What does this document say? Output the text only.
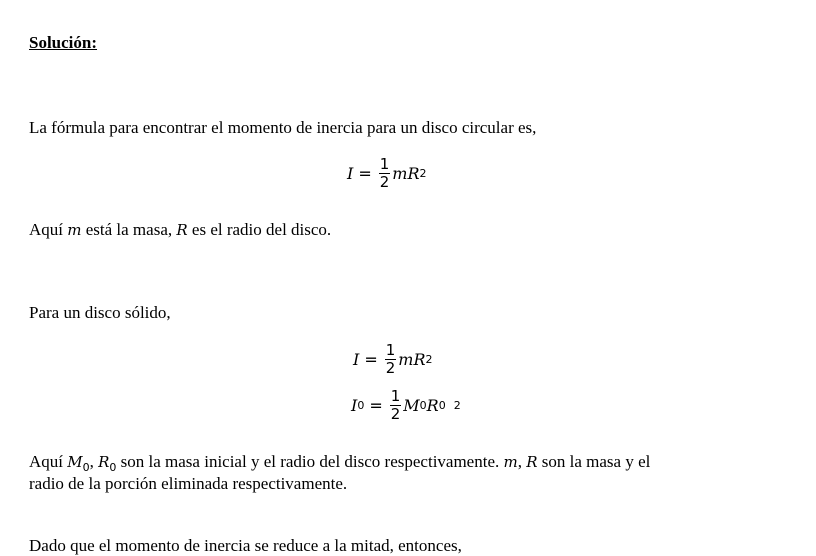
Solución:
La fórmula para encontrar el momento de inercia para un disco circular es,
$I = \frac{1}{2}$ mR 2
Aquí m está la masa, R es el radio del disco.
Para un disco sólido,
$I = \frac{1}{2}$ mR 2
I $0 = \frac{1}{2}$ M 0 R 0 2
Aquí $M_0$, $R_0$ son la masa inicial y el radio del disco respectivamente. m, R son la masa y el
radio de la porción eliminada respectivamente.
Dado que el momento de inercia se reduce a la mitad, entonces,
